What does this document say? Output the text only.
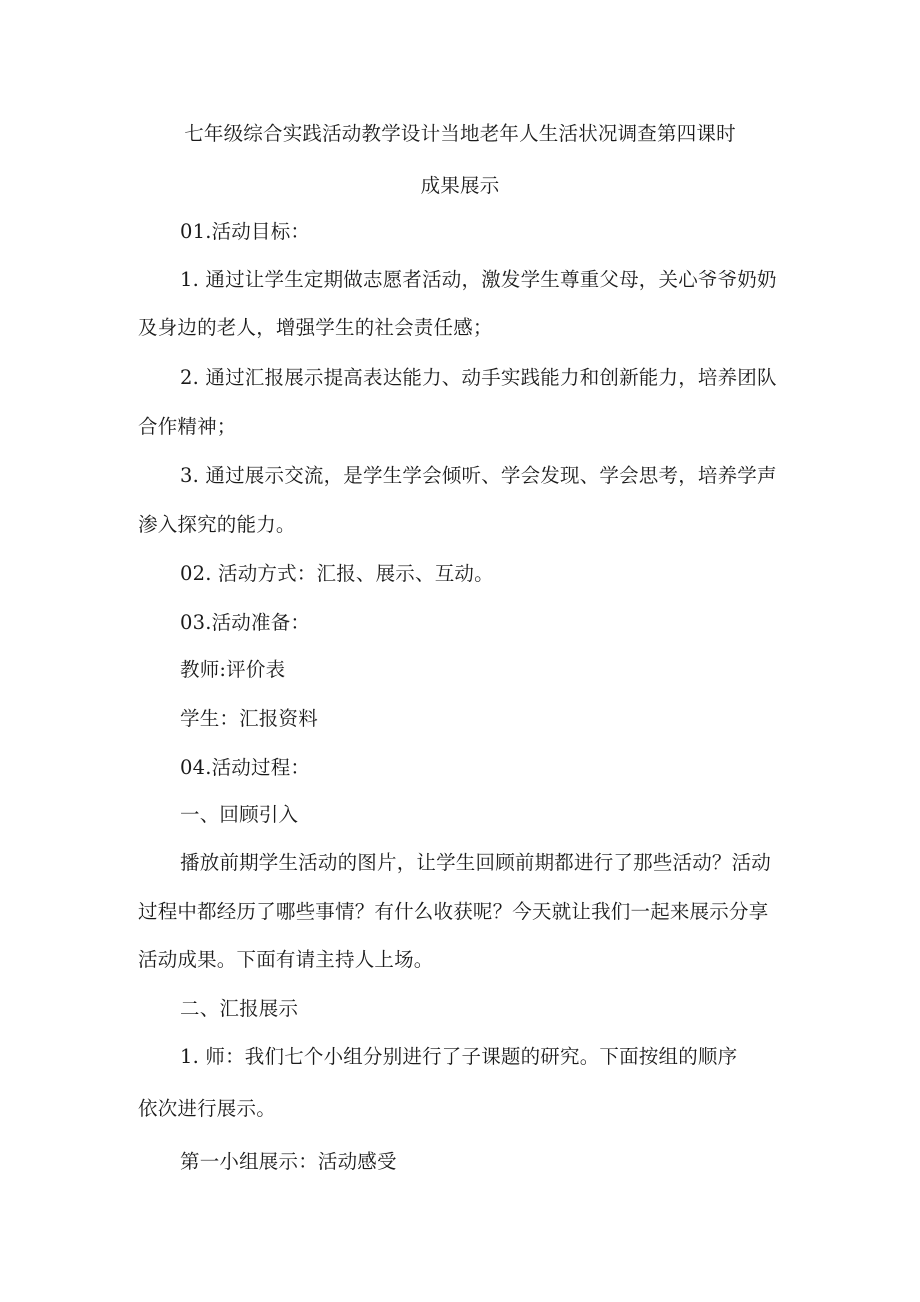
七年级综合实践活动教学设计当地老年人生活状况调查第四课时
成果展示
01.活动目标：
1. 通过让学生定期做志愿者活动，激发学生尊重父母，关心爷爷奶奶
及身边的老人，增强学生的社会责任感；
2. 通过汇报展示提高表达能力、动手实践能力和创新能力，培养团队
合作精神；
3. 通过展示交流，是学生学会倾听、学会发现、学会思考，培养学声
渗入探究的能力。
02. 活动方式：汇报、展示、互动。
03.活动准备：
教师:评价表
学生：汇报资料
04.活动过程：
一、回顾引入
播放前期学生活动的图片，让学生回顾前期都进行了那些活动？活动
过程中都经历了哪些事情？有什么收获呢？今天就让我们一起来展示分享
活动成果。下面有请主持人上场。
二、汇报展示
1. 师：我们七个小组分别进行了子课题的研究。下面按组的顺序
依次进行展示。
第一小组展示：活动感受
